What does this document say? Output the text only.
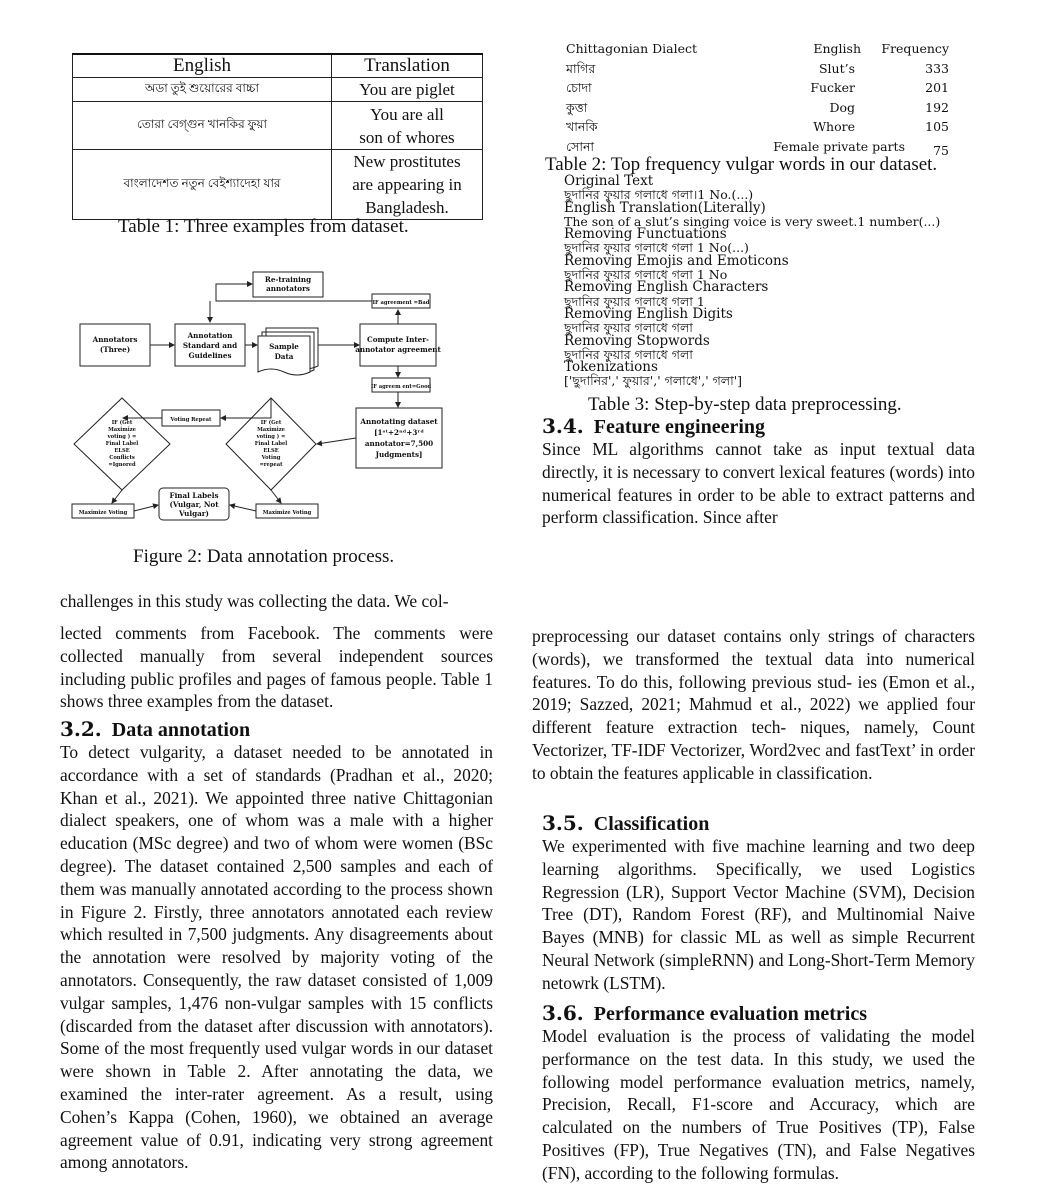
English	Translation
অডা তুই শুয়োরের বাচ্চা	You are piglet

তোরা বেগ্গুন খানকির ফুয়া	You are all
son of whores

বাংলাদেশত নতুন বেইশ্যাদেহা যার	New prostitutes
are appearing in
Bangladesh.
Table 1: Three examples from dataset.
Chittagonian Dialect	English Frequency
মাগির	Slut’s	333
চোদা	Fucker	201
কুত্তা	Dog	192
খানকি	Whore	105
সোনা	Female private parts 75
Table 2: Top frequency vulgar words in our dataset.
Original Text
ছুদানির ফুয়ার গলাধে গলা।1 No.(...)
English Translation(Literally)
The son of a slut’s singing voice is very sweet.1 number(...)
Removing Functuations
ছুদানির ফুয়ার গলাধে গলা 1 No(...)
Removing Emojis and Emoticons
ছুদানির ফুয়ার গলাধে গলা 1 No
Removing English Characters
ছুদানির ফুয়ার গলাধে গলা 1
Removing English Digits
ছুদানির ফুয়ার গলাধে গলা
Removing Stopwords
ছুদানির ফুয়ার গলাধে গলা
Tokenizations
['ছুদানির',' ফুয়ার',' গলাধে',' গলা']
Table 3: Step-by-step data preprocessing.
3.4. Feature engineering
Since ML algorithms cannot take as input textual data directly, it is necessary to convert lexical features (words) into numerical features in order to be able to extract patterns and perform classification. Since after
Re-training
annotators
Annotators
(Three)
Annotation
Standard and
Guidelines
Sample
Data
Compute Inter-
annotator agreement
Annotating dataset
[1ˢᵗ+2ⁿᵈ+3ʳᵈ
annotator=7,500
Judgments]
Final Labels
(Vulgar, Not
Vulgar)
IF agreement =Bad
IF agreem ent=Good
Voting Repeat
Maximize Voting	Maximize Voting
IF (Get
Maximize
voting ) =
Final Label
ELSE
Conflicts
=Ignored
IF (Get
Maximize
voting ) =
Final Label
ELSE
Voting
=repeat
Figure 2: Data annotation process.
challenges in this study was collecting the data. We col-
lected comments from Facebook. The comments were collected manually from several independent sources including public profiles and pages of famous people. Table 1 shows three examples from the dataset.
3.2. Data annotation
To detect vulgarity, a dataset needed to be annotated in accordance with a set of standards (Pradhan et al., 2020; Khan et al., 2021). We appointed three native Chittagonian dialect speakers, one of whom was a male with a higher education (MSc degree) and two of whom were women (BSc degree). The dataset contained 2,500 samples and each of them was manually annotated according to the process shown in Figure 2. Firstly, three annotators annotated each review which resulted in 7,500 judgments. Any disagreements about the annotation were resolved by majority voting of the annotators. Consequently, the raw dataset consisted of 1,009 vulgar samples, 1,476 non-vulgar samples with 15 conflicts (discarded from the dataset after discussion with annotators). Some of the most frequently used vulgar words in our dataset were shown in Table 2. After annotating the data, we examined the inter-rater agreement. As a result, using Cohen’s Kappa (Cohen, 1960), we obtained an average agreement value of 0.91, indicating very strong agreement among annotators.
preprocessing our dataset contains only strings of characters (words), we transformed the textual data into numerical features. To do this, following previous stud- ies (Emon et al., 2019; Sazzed, 2021; Mahmud et al., 2022) we applied four different feature extraction tech- niques, namely, Count Vectorizer, TF-IDF Vectorizer, Word2vec and fastText’ in order to obtain the features applicable in classification.
3.5. Classification
We experimented with five machine learning and two deep learning algorithms. Specifically, we used Logistics Regression (LR), Support Vector Machine (SVM), Decision Tree (DT), Random Forest (RF), and Multinomial Naive Bayes (MNB) for classic ML as well as simple Recurrent Neural Network (simpleRNN) and Long-Short-Term Memory netowrk (LSTM).
3.6. Performance evaluation metrics
Model evaluation is the process of validating the model performance on the test data. In this study, we used the following model performance evaluation metrics, namely, Precision, Recall, F1-score and Accuracy, which are calculated on the numbers of True Positives (TP), False Positives (FP), True Negatives (TN), and False Negatives (FN), according to the following formulas.
